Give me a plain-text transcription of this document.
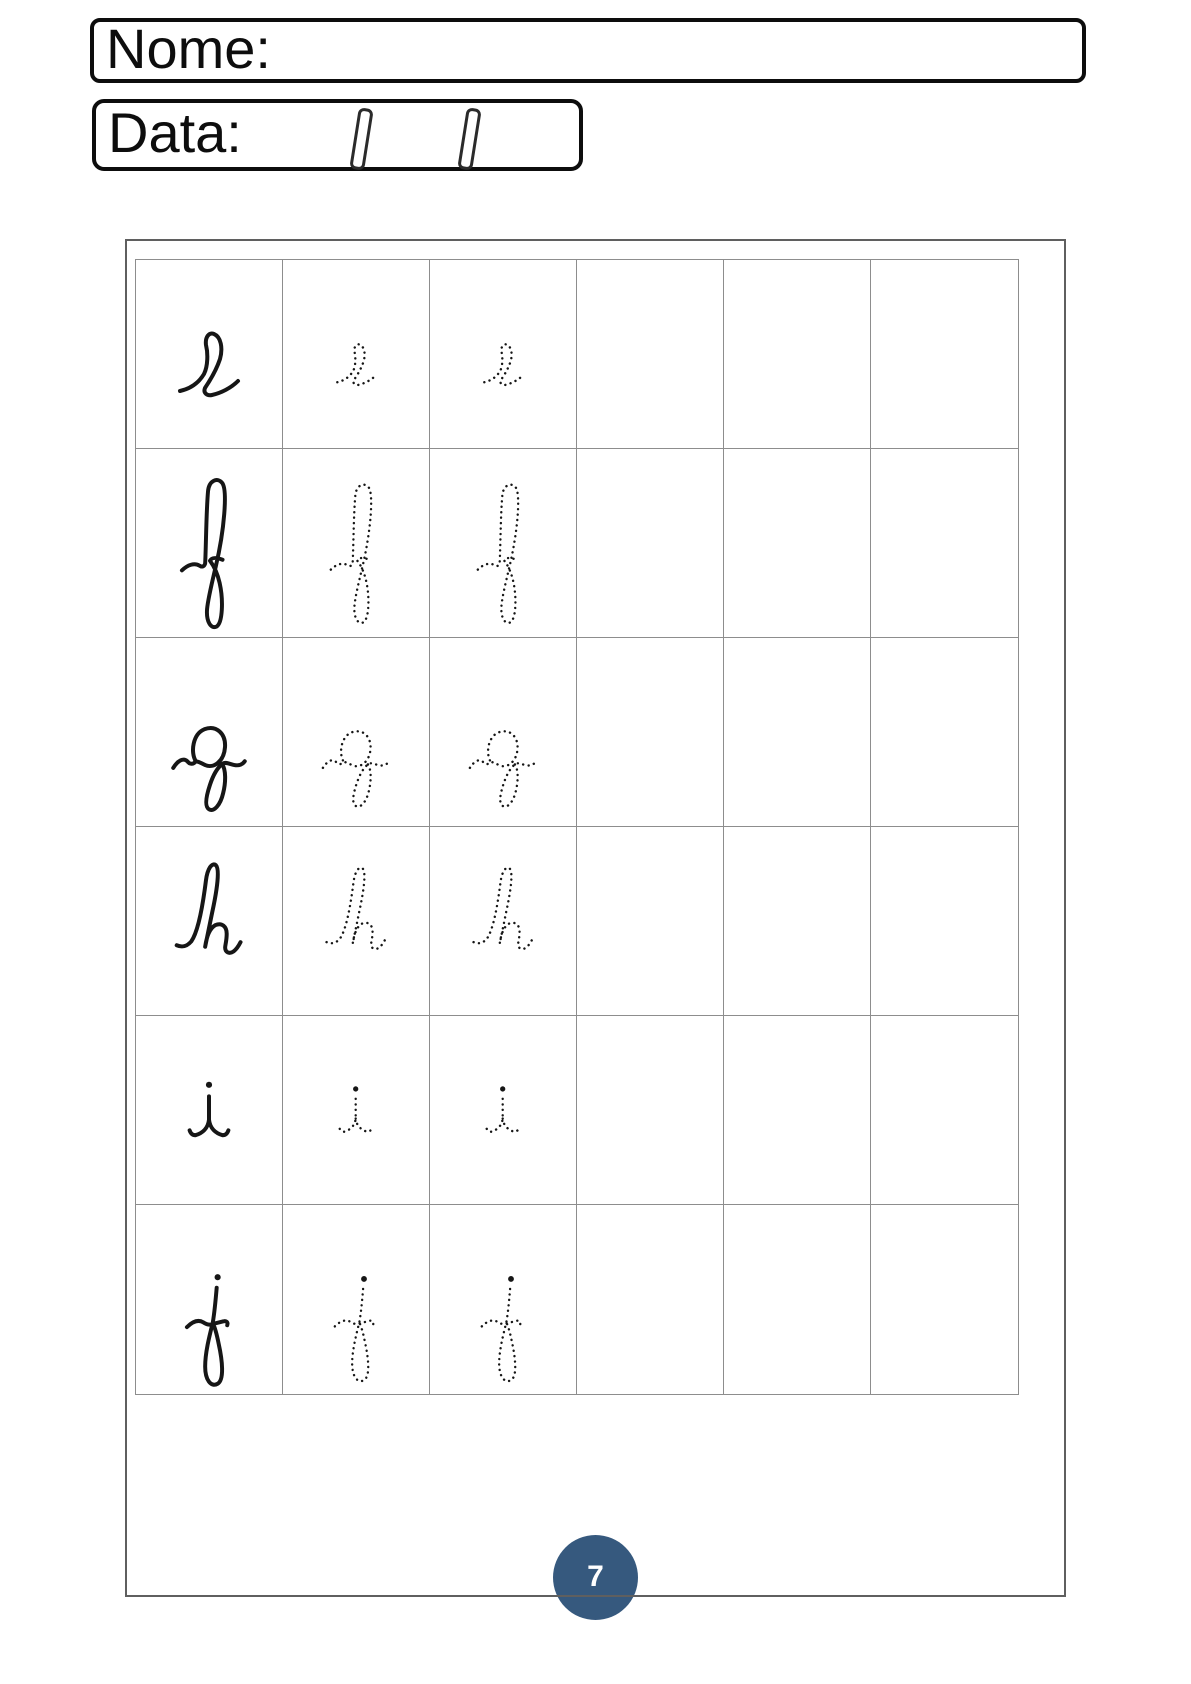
Nome:
Data:
7
